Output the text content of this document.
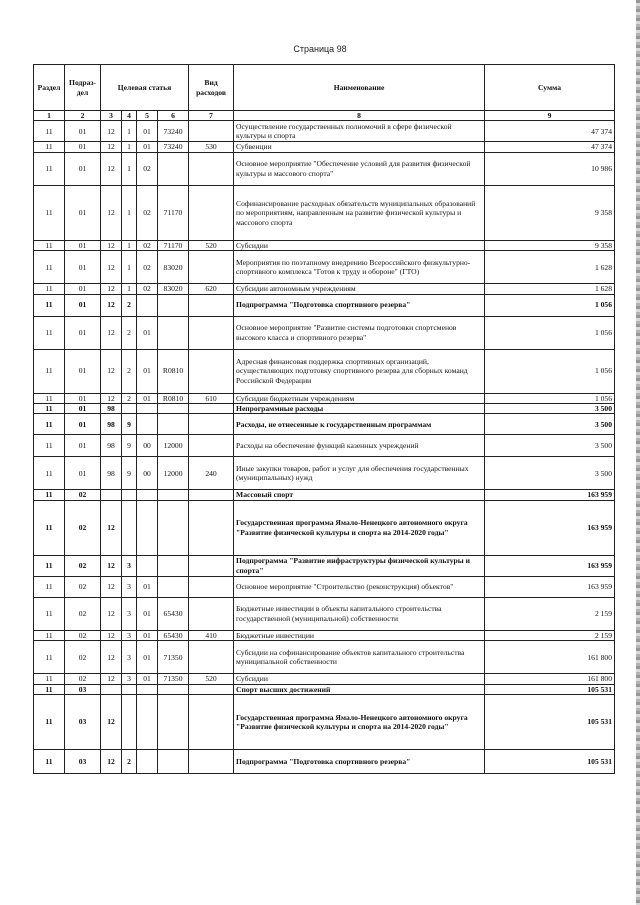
Страница 98
Раздел	Подраз-дел	Целевая статья				Вид расходов	Наименование	Сумма
1	2	3	4	5	6	7	8	9
11	01	12	1	01	73240		Осуществление государственных полномочий в сфере физической культуры и спорта	47 374
11	01	12	1	01	73240	530	Субвенции	47 374
11	01	12	1	02			Основное мероприятие "Обеспечение условий для развития физической культуры и массового спорта"	10 986
11	01	12	1	02	71170		Софинансирование расходных обязательств муниципальных образований по мероприятиям, направленным на развитие физической культуры и массового спорта	9 358
11	01	12	1	02	71170	520	Субсидии	9 358
11	01	12	1	02	83020		Мероприятия по поэтапному внедрению Всероссийского физкультурно-спортивного комплекса "Готов к труду и обороне" (ГТО)	1 628
11	01	12	1	02	83020	620	Субсидии автономным учреждениям	1 628
11	01	12	2				Подпрограмма "Подготовка спортивного резерва"	1 056
11	01	12	2	01			Основное мероприятие "Развитие системы подготовки спортсменов высокого класса и спортивного резерва"	1 056
11	01	12	2	01	R0810		Адресная финансовая поддержка спортивных организаций, осуществляющих подготовку спортивного резерва для сборных команд Российской Федерации	1 056
11	01	12	2	01	R0810	610	Субсидии бюджетным учреждениям	1 056
11	01	98					Непрограммные расходы	3 500
11	01	98	9				Расходы, не отнесенные к государственным программам	3 500
11	01	98	9	00	12000		Расходы на обеспечение функций казенных учреждений	3 500
11	01	98	9	00	12000	240	Иные закупки товаров, работ и услуг для обеспечения государственных (муниципальных) нужд	3 500
11	02						Массовый спорт	163 959
11	02	12					Государственная программа Ямало-Ненецкого автономного округа "Развитие физической культуры и спорта на 2014-2020 годы"	163 959
11	02	12	3				Подпрограмма "Развитие инфраструктуры физической культуры и спорта"	163 959
11	02	12	3	01			Основное мероприятие "Строительство (реконструкция) объектов"	163 959
11	02	12	3	01	65430		Бюджетные инвестиции в объекты капитального строительства государственной (муниципальной) собственности	2 159
11	02	12	3	01	65430	410	Бюджетные инвестиции	2 159
11	02	12	3	01	71350		Субсидии на софинансирование объектов капитального строительства муниципальной собственности	161 800
11	02	12	3	01	71350	520	Субсидии	161 800
11	03						Спорт высших достижений	105 531
11	03	12					Государственная программа Ямало-Ненецкого автономного округа "Развитие физической культуры и спорта на 2014-2020 годы"	105 531
11	03	12	2				Подпрограмма "Подготовка спортивного резерва"	105 531
